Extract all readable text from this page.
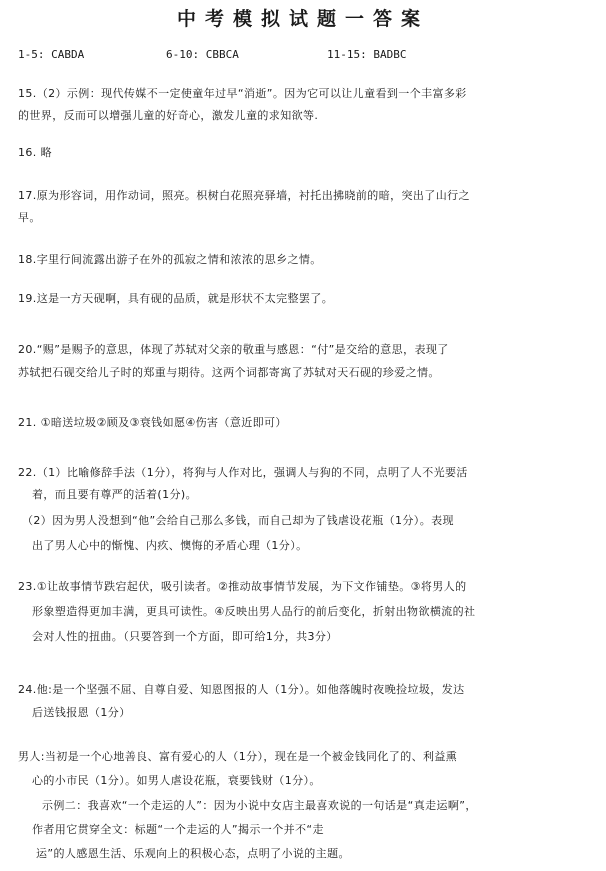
中考模拟试题一答案
1-5: CABDA	6-10: CBBCA	11-15: BADBC
15.（2）示例：现代传媒不一定使童年过早“消逝”。因为它可以让儿童看到一个丰富多彩
的世界，反而可以增强儿童的好奇心，激发儿童的求知欲等.
16. 略
17.原为形容词，用作动词，照亮。枳树白花照亮驿墙，衬托出拂晓前的暗，突出了山行之
早。
18.字里行间流露出游子在外的孤寂之情和浓浓的思乡之情。
19.这是一方天砚啊，具有砚的品质，就是形状不太完整罢了。
20.“赐”是赐予的意思，体现了苏轼对父亲的敬重与感恩：“付”是交给的意思，表现了
苏轼把石砚交给儿子时的郑重与期待。这两个词都寄寓了苏轼对天石砚的珍爱之情。
21. ①暗送垃圾②顾及③衰钱如愿④伤害（意近即可）
22.（1）比喻修辞手法（1分），将狗与人作对比，强调人与狗的不同，点明了人不光要活
着，而且要有尊严的活着(1分)。
（2）因为男人没想到“他”会给自己那么多钱，而自己却为了钱虐设花瓶（1分）。表现
出了男人心中的惭愧、内疚、懊悔的矛盾心理（1分）。
23.①让故事情节跌宕起伏，吸引读者。②推动故事情节发展，为下文作铺垫。③将男人的
形象塑造得更加丰满，更具可读性。④反映出男人品行的前后变化，折射出物欲横流的社
会对人性的扭曲。（只要答到一个方面，即可给1分，共3分）
24.他:是一个坚强不屈、自尊自爱、知恩图报的人（1分）。如他落魄时夜晚捡垃圾，发达
后送钱报恩（1分）
男人:当初是一个心地善良、富有爱心的人（1分），现在是一个被金钱同化了的、利益熏
心的小市民（1分）。如男人虐设花瓶，衰要钱财（1分）。
示例二：我喜欢“一个走运的人”：因为小说中女店主最喜欢说的一句话是“真走运啊”，
作者用它贯穿全文：标题“一个走运的人”揭示一个并不“走
运”的人感恩生活、乐观向上的积极心态，点明了小说的主题。
